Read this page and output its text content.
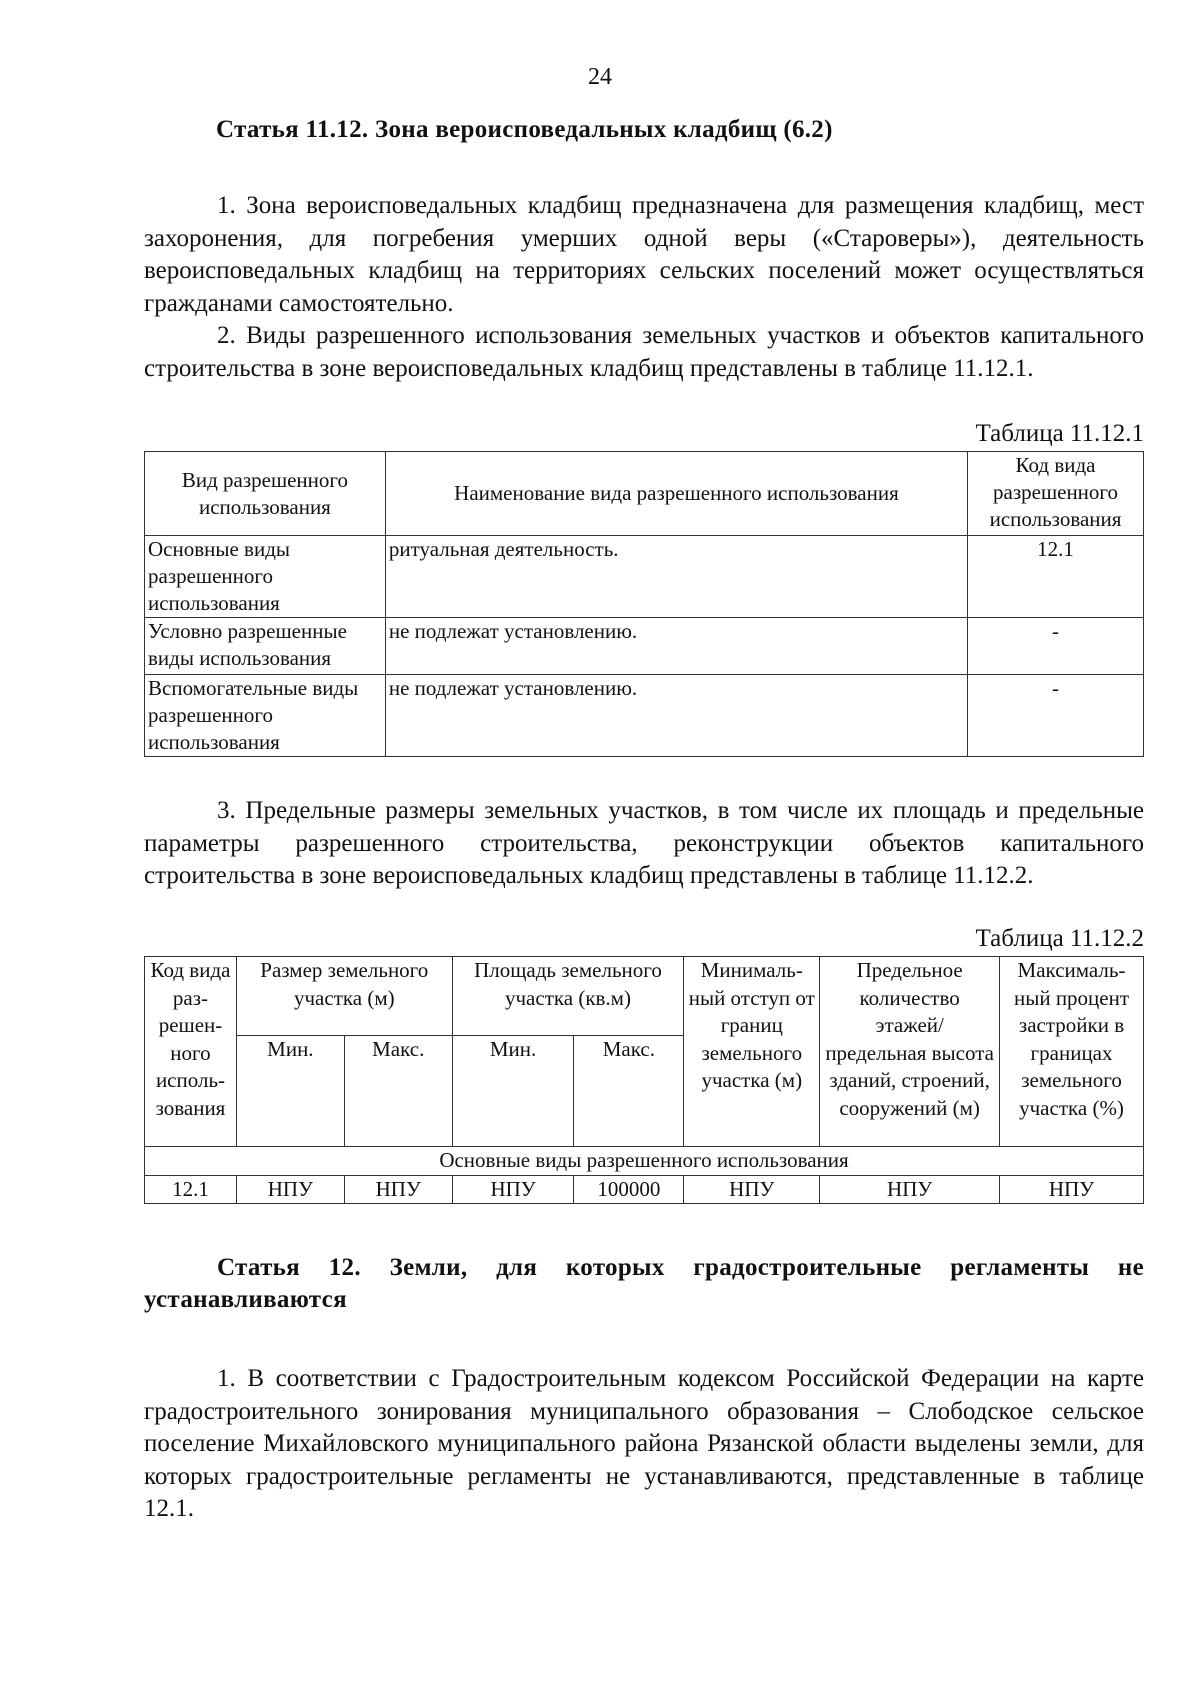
24
Статья 11.12. Зона вероисповедальных кладбищ (6.2)

1. Зона вероисповедальных кладбищ предназначена для размещения кладбищ, мест захоронения, для погребения умерших одной веры («Староверы»), деятельность вероисповедальных кладбищ на территориях сельских поселений может осуществляться гражданами самостоятельно.

2. Виды разрешенного использования земельных участков и объектов капитального строительства в зоне вероисповедальных кладбищ представлены в таблице 11.12.1.

Таблица 11.12.1
Вид разрешенного использования	Наименование вида разрешенного использования	Код вида разрешенного использования
Основные виды разрешенного использования	ритуальная деятельность.	12.1
Условно разрешенные виды использования	не подлежат установлению.	-
Вспомогательные виды разрешенного использования	не подлежат установлению.	-

3. Предельные размеры земельных участков, в том числе их площадь и предельные параметры разрешенного строительства, реконструкции объектов капитального строительства в зоне вероисповедальных кладбищ представлены в таблице 11.12.2.

Таблица 11.12.2
Код вида раз-решен-ного исполь-зования	Размер земельного участка (м)		Площадь земельного участка (кв.м)		Минималь-ный отступ от границ земельного участка (м)	Предельное количество этажей/ предельная высота зданий, строений, сооружений (м)	Максималь-ный процент застройки в границах земельного участка (%)
	Мин.	Макс.	Мин.	Макс.			
Основные виды разрешенного использования							
12.1	НПУ	НПУ	НПУ	100000	НПУ	НПУ	НПУ

Статья 12. Земли, для которых градостроительные регламенты не устанавливаются

1. В соответствии с Градостроительным кодексом Российской Федерации на карте градостроительного зонирования муниципального образования – Слободское сельское поселение Михайловского муниципального района Рязанской области выделены земли, для которых градостроительные регламенты не устанавливаются, представленные в таблице 12.1.
